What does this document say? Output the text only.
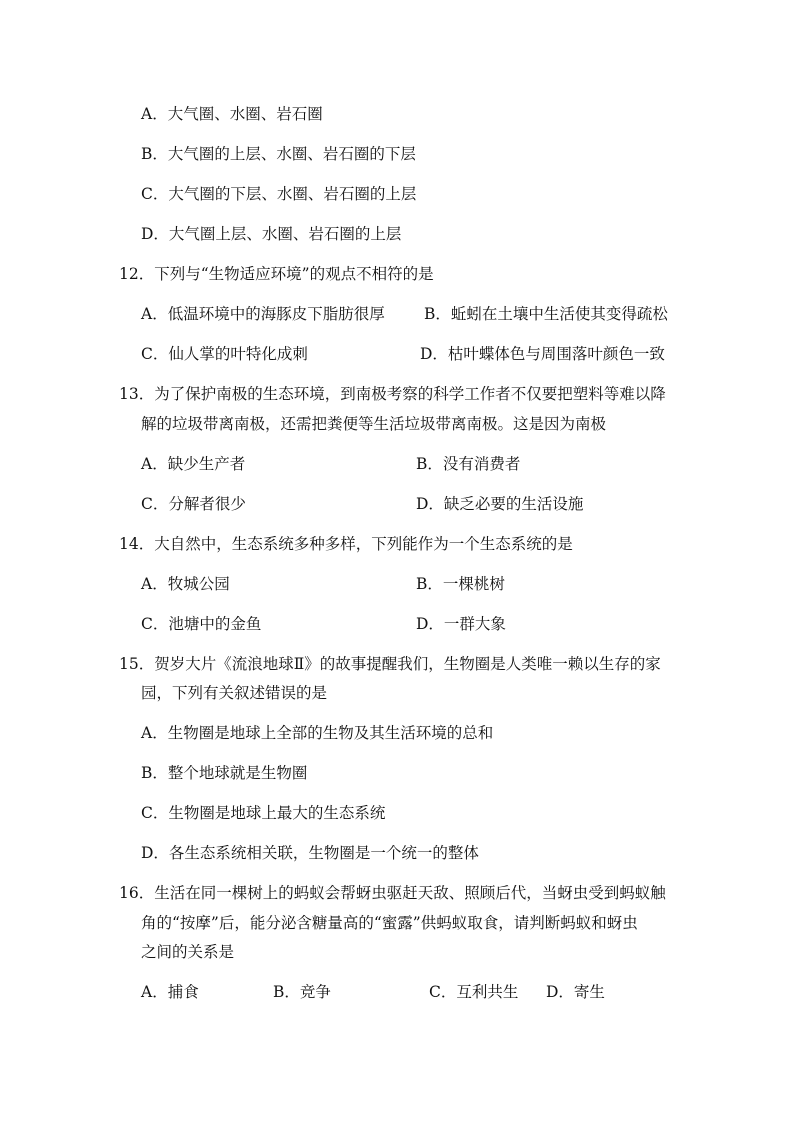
A．大气圈、水圈、岩石圈
B．大气圈的上层、水圈、岩石圈的下层
C．大气圈的下层、水圈、岩石圈的上层
D．大气圈上层、水圈、岩石圈的上层
12．下列与“生物适应环境”的观点不相符的是
A．低温环境中的海豚皮下脂肪很厚	B．蚯蚓在土壤中生活使其变得疏松
C．仙人掌的叶特化成刺	D．枯叶蝶体色与周围落叶颜色一致
13．为了保护南极的生态环境，到南极考察的科学工作者不仅要把塑料等难以降
解的垃圾带离南极，还需把粪便等生活垃圾带离南极。这是因为南极
A．缺少生产者	B．没有消费者
C．分解者很少	D．缺乏必要的生活设施
14．大自然中，生态系统多种多样，下列能作为一个生态系统的是
A．牧城公园	B．一棵桃树
C．池塘中的金鱼	D．一群大象
15．贺岁大片《流浪地球Ⅱ》的故事提醒我们，生物圈是人类唯一赖以生存的家
园，下列有关叙述错误的是
A．生物圈是地球上全部的生物及其生活环境的总和
B．整个地球就是生物圈
C．生物圈是地球上最大的生态系统
D．各生态系统相关联，生物圈是一个统一的整体
16．生活在同一棵树上的蚂蚁会帮蚜虫驱赶天敌、照顾后代，当蚜虫受到蚂蚁触
角的“按摩”后，能分泌含糖量高的“蜜露”供蚂蚁取食，请判断蚂蚁和蚜虫
之间的关系是
A．捕食	B．竞争	C．互利共生 D．寄生
